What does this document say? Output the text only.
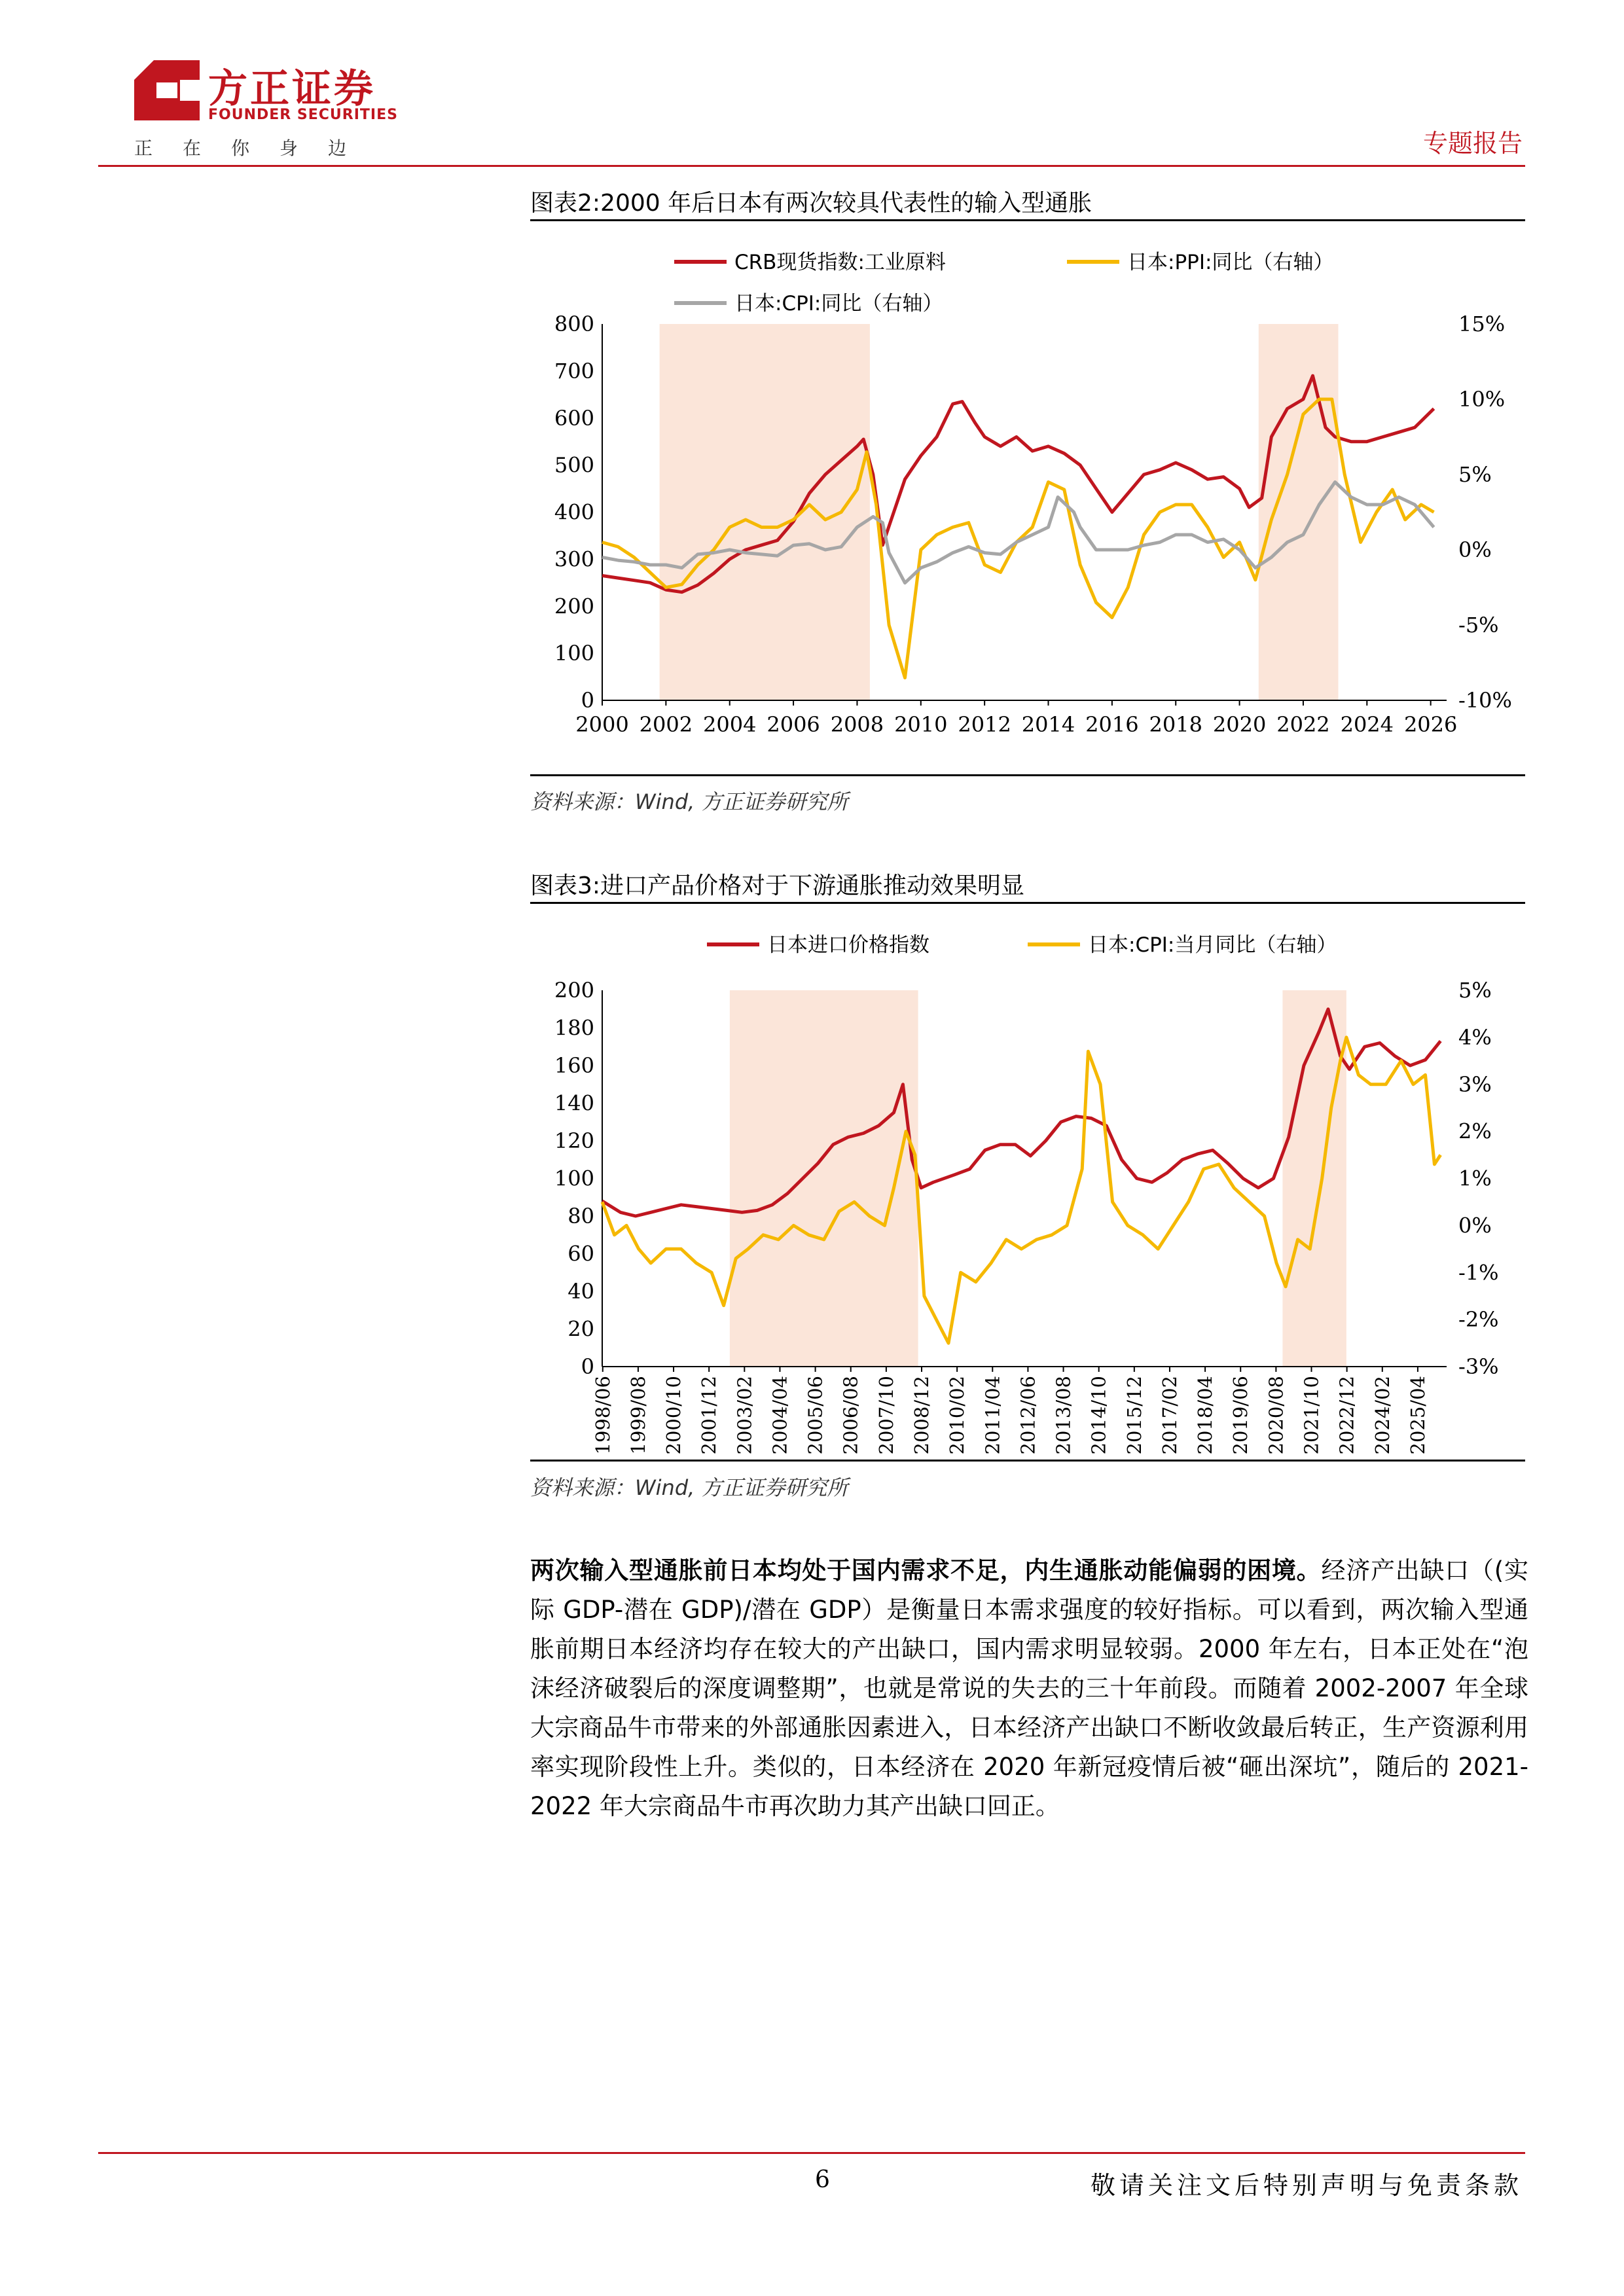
方正证券
FOUNDER SECURITIES
正在你身边	专题报告
图表2:2000 年后日本有两次较具代表性的输入型通胀
0
100
200
300
400
500
600
700
800
-10%
-5%
0%
5%
10%
15%
2000 2002 2004 2006 2008 2010 2012 2014 2016 2018 2020 2022 2024 2026
CRB现货指数:工业原料	日本:PPI:同比（右轴）
日本:CPI:同比（右轴）
资料来源：Wind, 方正证券研究所
图表3:进口产品价格对于下游通胀推动效果明显
0
20
40
60
80
100
120
140
160
180
200
-3%
-2%
-1%
0%
1%
2%
3%
4%
5%
1998/06 1999/08 2000/10 2001/12 2003/02 2004/04 2005/06 2006/08 2007/10 2008/12 2010/02 2011/04 2012/06 2013/08 2014/10 2015/12 2017/02 2018/04 2019/06 2020/08 2021/10 2022/12 2024/02 2025/04
日本进口价格指数	日本:CPI:当月同比（右轴）
资料来源：Wind, 方正证券研究所
两次输入型通胀前日本均处于国内需求不足，内生通胀动能偏弱的困境。经济产出缺口（(实际 GDP-潜在 GDP)/潜在 GDP）是衡量日本需求强度的较好指标。可以看到，两次输入型通胀前期日本经济均存在较大的产出缺口，国内需求明显较弱。2000 年左右，日本正处在“泡沫经济破裂后的深度调整期”，也就是常说的失去的三十年前段。而随着 2002-2007 年全球大宗商品牛市带来的外部通胀因素进入，日本经济产出缺口不断收敛最后转正，生产资源利用率实现阶段性上升。类似的，日本经济在 2020 年新冠疫情后被“砸出深坑”，随后的 2021-2022 年大宗商品牛市再次助力其产出缺口回正。
6	敬请关注文后特别声明与免责条款
